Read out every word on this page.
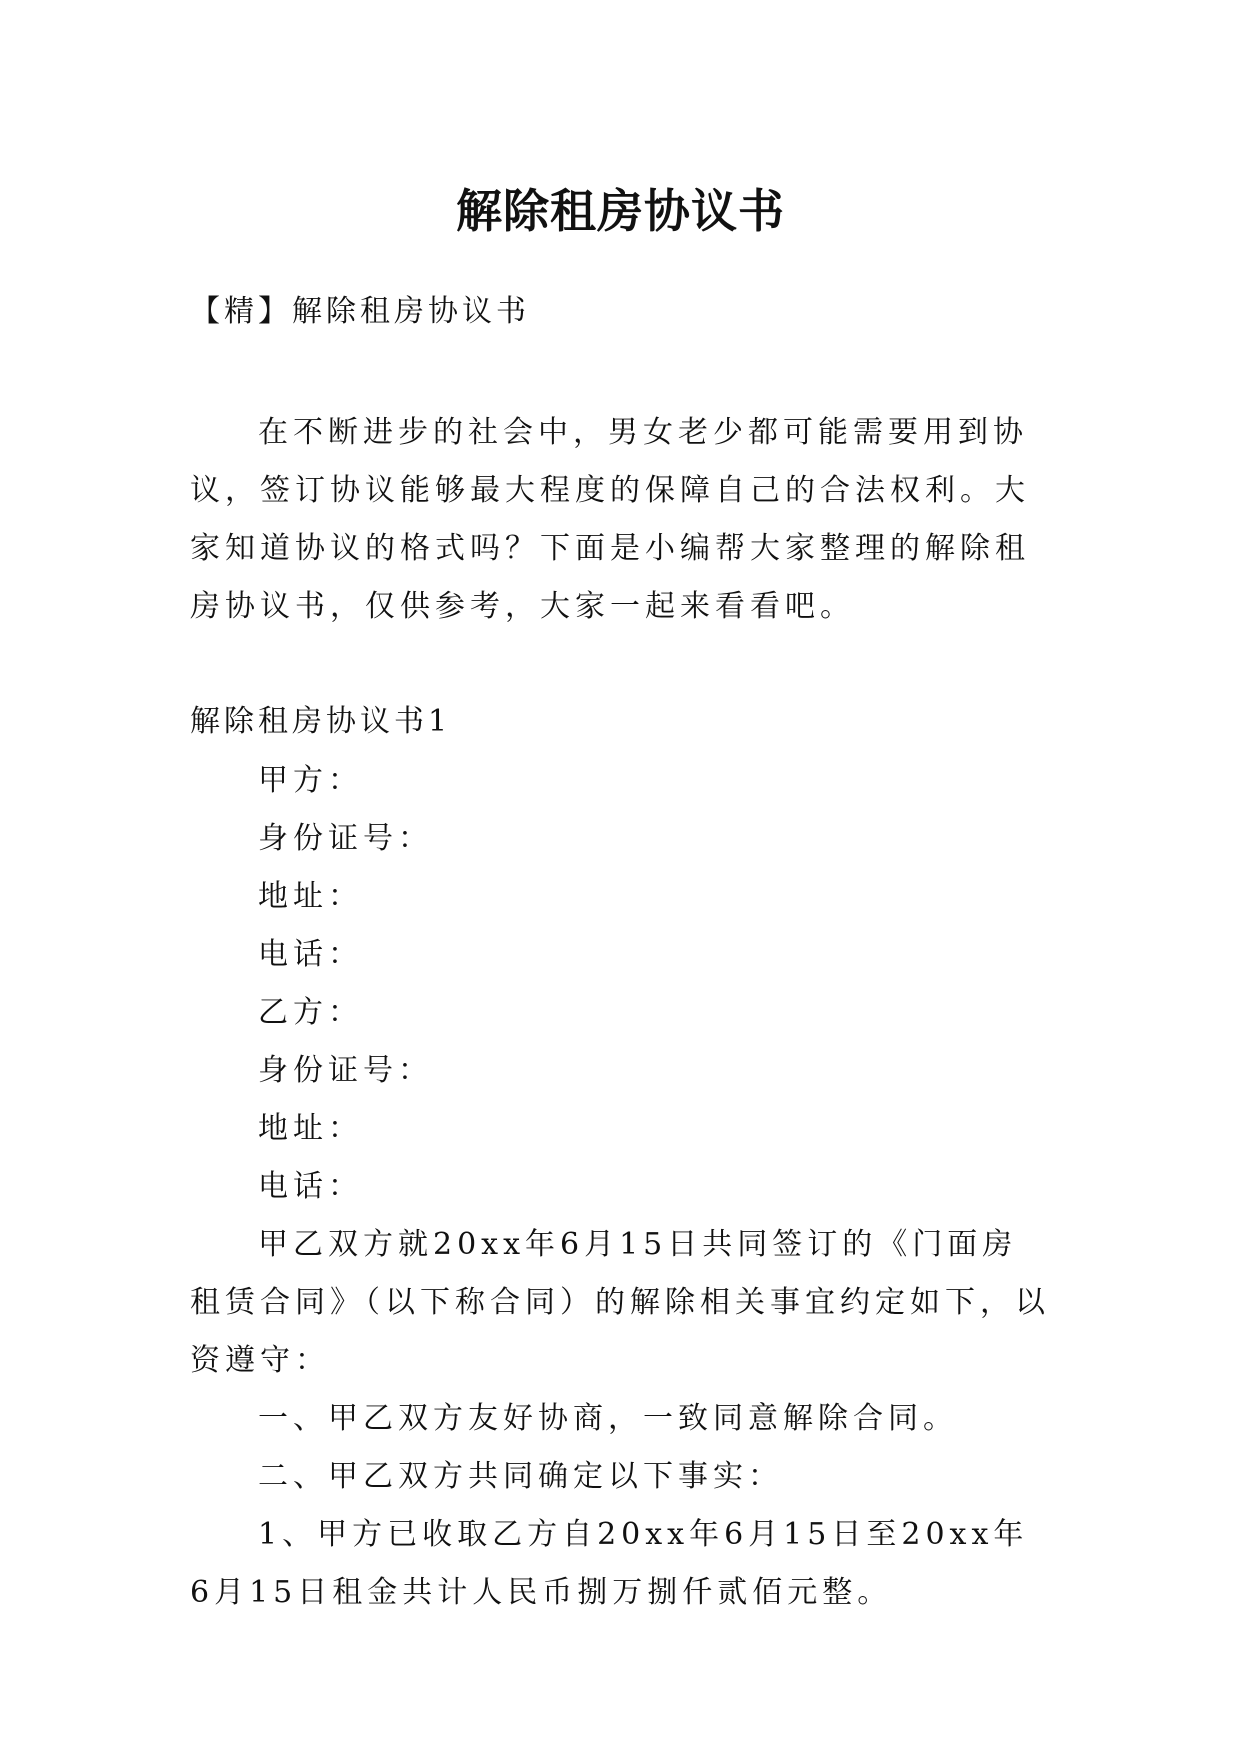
解除租房协议书
【精】解除租房协议书

在不断进步的社会中，男女老少都可能需要用到协议，签订协议能够最大程度的保障自己的合法权利。大家知道协议的格式吗？下面是小编帮大家整理的解除租房协议书，仅供参考，大家一起来看看吧。

解除租房协议书1
甲方：
身份证号：
地址：
电话：
乙方：
身份证号：
地址：
电话：
甲乙双方就20xx年6月15日共同签订的《门面房租赁合同》（以下称合同）的解除相关事宜约定如下，以资遵守：
一、甲乙双方友好协商，一致同意解除合同。
二、甲乙双方共同确定以下事实：
1、甲方已收取乙方自20xx年6月15日至20xx年6月15日租金共计人民币捌万捌仟贰佰元整。
